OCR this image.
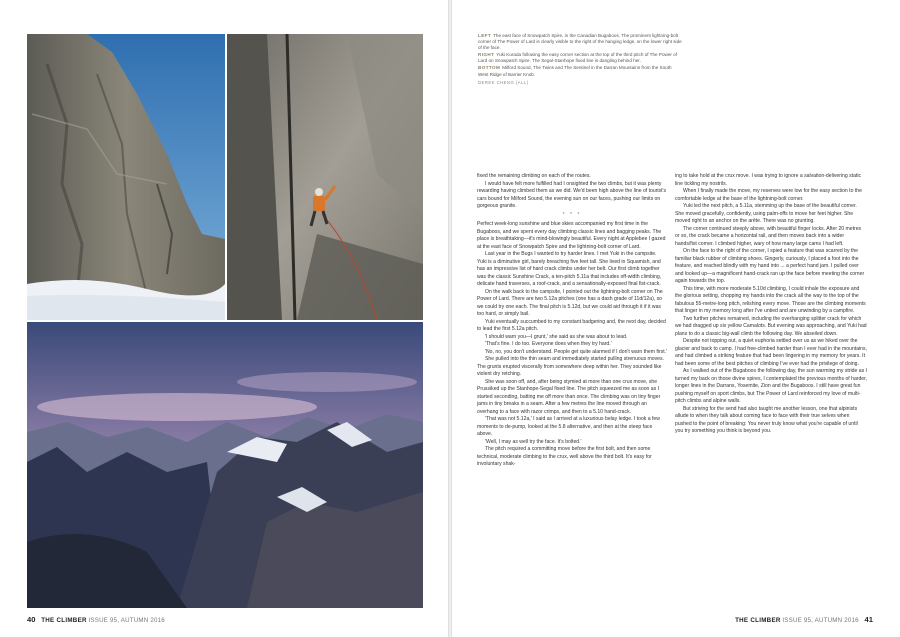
LEFT The east face of Snowpatch Spire, in the Canadian Bugaboos. The prominent lightning-bolt corner of The Power of Lard is clearly visible to the right of the hanging ledge, on the lower right side of the face.

RIGHT Yuki Kurada following the easy corner section at the top of the third pitch of The Power of Lard on Snowpatch Spire. The Segal-Stanhope fixed line is dangling behind her.

BOTTOM Milford Sound, The Twins and The Sentinel in the Darran Mountains from the South West Ridge of Barrier Knob.

DEREK CHENG (ALL)

fixed the remaining climbing on each of the routes.

I would have felt more fulfilled had I onsighted the two climbs, but it was plenty rewarding having climbed them as we did. We'd been high above the line of tourist's cars bound for Milford Sound, the evening sun on our faces, pushing our limits on gorgeous granite.

* * *

Perfect week-long sunshine and blue skies accompanied my first time in the Bugaboos, and we spent every day climbing classic lines and bagging peaks. The place is breathtaking—it's mind-blowingly beautiful. Every night at Applebee I gazed at the east face of Snowpatch Spire and the lightning-bolt corner of Lard.

Last year in the Bugs I wanted to try harder lines. I met Yuki in the campsite. Yuki is a diminutive girl, barely breaching five feet tall. She lived in Squamish, and has an impressive list of hard crack climbs under her belt. Our first climb together was the classic Sunshine Crack, a ten-pitch 5.11a that includes off-width climbing, delicate hand traverses, a roof-crack, and a sensationally-exposed final fist-crack.

On the walk back to the campsite, I pointed out the lightning-bolt corner on The Power of Lard. There are two 5.12a pitches (one has a dash grade of 11d/12a), so we could try one each. The final pitch is 5.12d, but we could aid through it if it was too hard, or simply bail.

Yuki eventually succumbed to my constant badgering and, the next day, decided to lead the first 5.12a pitch.

'I should warn you—I grunt,' she said as she was about to lead.

'That's fine. I do too. Everyone does when they try hard.'

'No, no, you don't understand. People get quite alarmed if I don't warn them first.'

She pulled into the thin seam and immediately started pulling strenuous moves. The grunts erupted viscerally from somewhere deep within her. They sounded like violent dry retching.

She was soon off, and, after being stymied at more than one crux move, she Prussiked up the Stanhope-Segal fixed line. The pitch squeezed me as soon as I started seconding, batting me off more than once. The climbing was on tiny finger jams in tiny breaks in a seam. After a few metres the line moved through an overhang to a face with razor crimps, and then to a 5.10 hand-crack.

'That was not 5.12a,' I said as I arrived at a luxurious belay ledge. I took a few moments to de-pump, looked at the 5.8 alternative, and then at the steep face above.

'Well, I may as well try the face. It's bolted.'

The pitch required a committing move before the first bolt, and then some technical, moderate climbing to the crux, well above the third bolt. It's easy for involuntary shak-

ing to take hold at the crux move. I was trying to ignore a salvation-delivering static line tickling my nostrils.

When I finally made the move, my reserves were low for the easy section to the comfortable ledge at the base of the lightning-bolt corner.

Yuki led the next pitch, a 5.11a, stemming up the base of the beautiful corner. She moved gracefully, confidently, using palm-offs to move her feet higher. She moved right to an anchor on the arête. There was no grunting.

The corner continued steeply above, with beautiful finger locks. After 20 metres or so, the crack became a horizontal rail, and then moves back into a wider hands/fist corner. I climbed higher, wary of how many large cams I had left.

On the face to the right of the corner, I spied a feature that was scarred by the familiar black rubber of climbing shoes. Gingerly, curiously, I placed a foot into the feature, and reached blindly with my hand into ... a perfect hand jam. I pulled over and looked up—a magnificent hand-crack ran up the face before meeting the corner again towards the top.

This time, with more moderate 5.10d climbing, I could inhale the exposure and the glorious setting, chopping my hands into the crack all the way to the top of the fabulous 55-metre-long pitch, relishing every move. Those are the climbing moments that linger in my memory long after I've untied and are unwinding by a campfire.

Two further pitches remained, including the overhanging splitter crack for which we had dragged up six yellow Camalots. But evening was approaching, and Yuki had plans to do a classic big-wall climb the following day. We abseiled down.

Despite not topping out, a quiet euphoria settled over us as we hiked over the glacier and back to camp. I had free-climbed harder than I ever had in the mountains, and had climbed a striking feature that had been lingering in my memory for years. It had been some of the best pitches of climbing I've ever had the privilege of doing.

As I walked out of the Bugaboos the following day, the sun warming my stride as I turned my back on those divine spires, I contemplated the previous months of harder, longer lines in the Darrans, Yosemite, Zion and the Bugaboos. I still have great fun pushing myself on sport climbs, but The Power of Lard reinforced my love of multi-pitch climbs and alpine walls.

But striving for the send had also taught me another lesson, one that alpinists allude to when they talk about coming face to face with their true selves when pushed to the point of breaking: You never truly know what you're capable of until you try something you think is beyond you.

40 THE CLIMBER ISSUE 95, AUTUMN 2016	THE CLIMBER ISSUE 95, AUTUMN 2016 41
